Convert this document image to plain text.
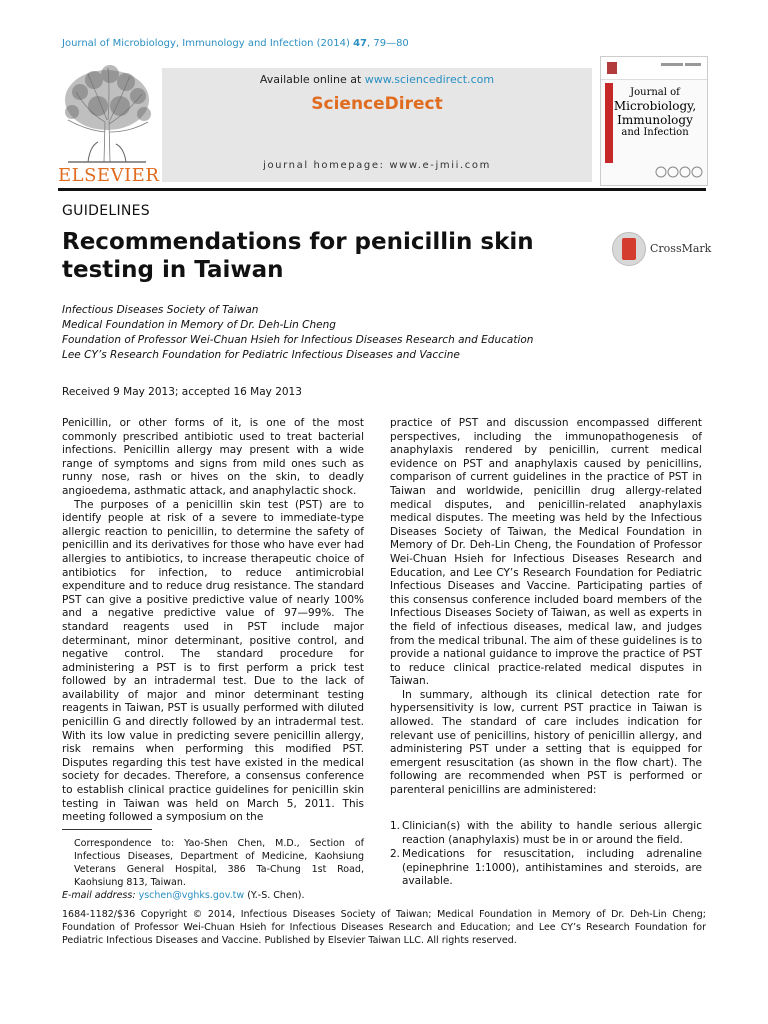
Journal of Microbiology, Immunology and Infection (2014) 47, 79—80
ELSEVIER
Available online at www.sciencedirect.com
ScienceDirect
journal homepage: www.e-jmii.com
Journal of
Microbiology,
Immunology
and Infection
GUIDELINES
Recommendations for penicillin skin testing in Taiwan
CrossMark
Infectious Diseases Society of Taiwan
Medical Foundation in Memory of Dr. Deh-Lin Cheng
Foundation of Professor Wei-Chuan Hsieh for Infectious Diseases Research and Education
Lee CY’s Research Foundation for Pediatric Infectious Diseases and Vaccine
Received 9 May 2013; accepted 16 May 2013

Penicillin, or other forms of it, is one of the most commonly prescribed antibiotic used to treat bacterial infections. Penicillin allergy may present with a wide range of symptoms and signs from mild ones such as runny nose, rash or hives on the skin, to deadly angioedema, asthmatic attack, and anaphylactic shock.

The purposes of a penicillin skin test (PST) are to identify people at risk of a severe to immediate-type allergic reaction to penicillin, to determine the safety of penicillin and its derivatives for those who have ever had allergies to antibiotics, to increase therapeutic choice of antibiotics for infection, to reduce antimicrobial expenditure and to reduce drug resistance. The standard PST can give a positive predictive value of nearly 100% and a negative predictive value of 97—99%. The standard reagents used in PST include major determinant, minor determinant, positive control, and negative control. The standard procedure for administering a PST is to first perform a prick test followed by an intradermal test. Due to the lack of availability of major and minor determinant testing reagents in Taiwan, PST is usually performed with diluted penicillin G and directly followed by an intradermal test. With its low value in predicting severe penicillin allergy, risk remains when performing this modified PST. Disputes regarding this test have existed in the medical society for decades. Therefore, a consensus conference to establish clinical practice guidelines for penicillin skin testing in Taiwan was held on March 5, 2011. This meeting followed a symposium on the

practice of PST and discussion encompassed different perspectives, including the immunopathogenesis of anaphylaxis rendered by penicillin, current medical evidence on PST and anaphylaxis caused by penicillins, comparison of current guidelines in the practice of PST in Taiwan and worldwide, penicillin drug allergy-related medical disputes, and penicillin-related anaphylaxis medical disputes. The meeting was held by the Infectious Diseases Society of Taiwan, the Medical Foundation in Memory of Dr. Deh-Lin Cheng, the Foundation of Professor Wei-Chuan Hsieh for Infectious Diseases Research and Education, and Lee CY’s Research Foundation for Pediatric Infectious Diseases and Vaccine. Participating parties of this consensus conference included board members of the Infectious Diseases Society of Taiwan, as well as experts in the field of infectious diseases, medical law, and judges from the medical tribunal. The aim of these guidelines is to provide a national guidance to improve the practice of PST to reduce clinical practice-related medical disputes in Taiwan.

In summary, although its clinical detection rate for hypersensitivity is low, current PST practice in Taiwan is allowed. The standard of care includes indication for relevant use of penicillins, history of penicillin allergy, and administering PST under a setting that is equipped for emergent resuscitation (as shown in the flow chart). The following are recommended when PST is performed or parenteral penicillins are administered:

1. Clinician(s) with the ability to handle serious allergic reaction (anaphylaxis) must be in or around the field.
2. Medications for resuscitation, including adrenaline (epinephrine 1:1000), antihistamines and steroids, are available.
Correspondence to: Yao-Shen Chen, M.D., Section of Infectious Diseases, Department of Medicine, Kaohsiung Veterans General Hospital, 386 Ta-Chung 1st Road, Kaohsiung 813, Taiwan.
E-mail address: yschen@vghks.gov.tw (Y.-S. Chen).
1684-1182/$36 Copyright © 2014, Infectious Diseases Society of Taiwan; Medical Foundation in Memory of Dr. Deh-Lin Cheng; Foundation of Professor Wei-Chuan Hsieh for Infectious Diseases Research and Education; and Lee CY’s Research Foundation for Pediatric Infectious Diseases and Vaccine. Published by Elsevier Taiwan LLC. All rights reserved.
